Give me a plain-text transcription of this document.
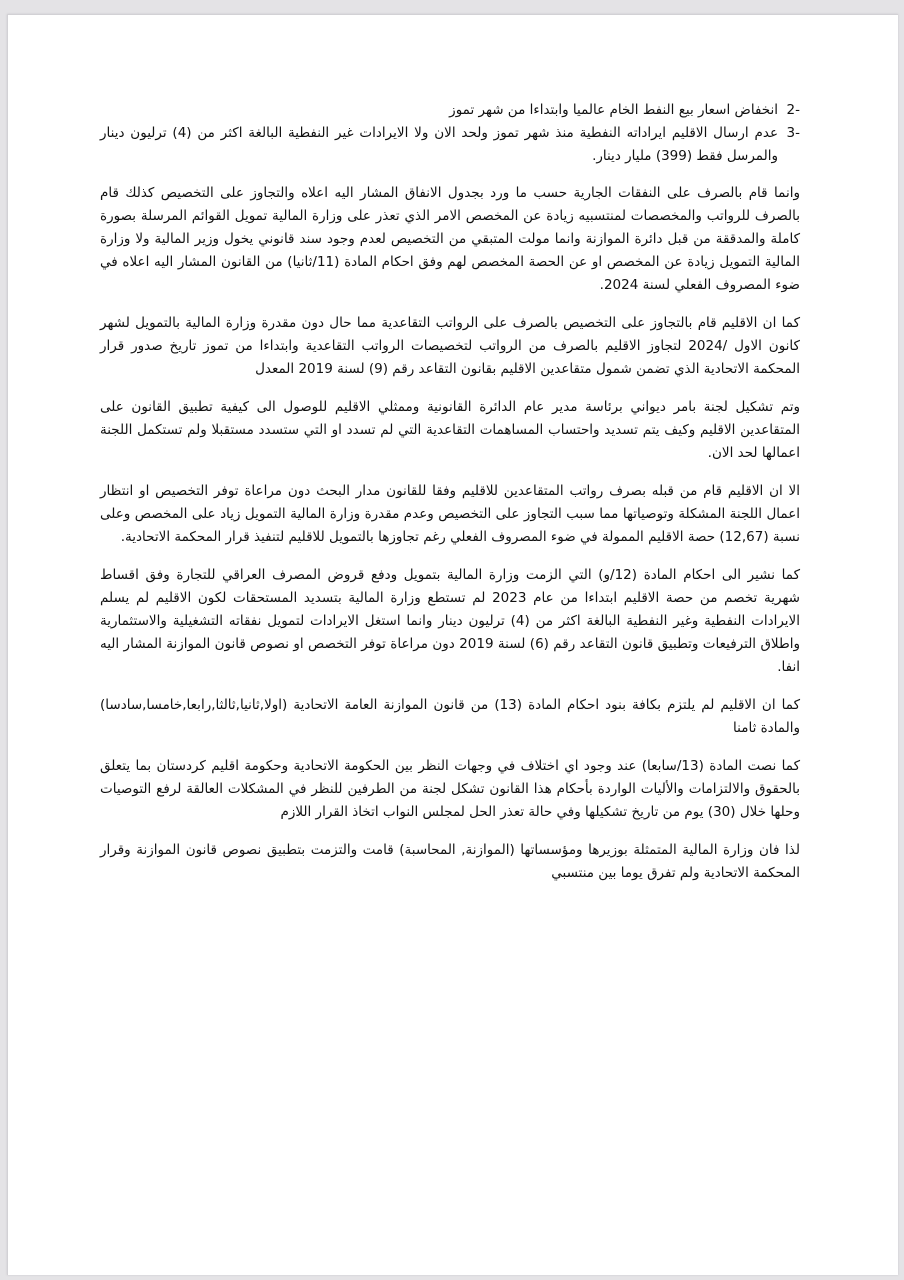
2-
انخفاض اسعار بيع النفط الخام عالميا وابتداءا من شهر تموز
3-
عدم ارسال الاقليم ايراداته النفطية منذ شهر تموز ولحد الان ولا الايرادات غير النفطية البالغة اكثر من (4) ترليون دينار والمرسل فقط (399) مليار دينار.

وانما قام بالصرف على النفقات الجارية حسب ما ورد بجدول الانفاق المشار اليه اعلاه والتجاوز على التخصيص كذلك قام بالصرف للرواتب والمخصصات لمنتسبيه زيادة عن المخصص الامر الذي تعذر على وزارة المالية تمويل القوائم المرسلة بصورة كاملة والمدققة من قبل دائرة الموازنة وانما مولت المتبقي من التخصيص لعدم وجود سند قانوني يخول وزير المالية ولا وزارة المالية التمويل زيادة عن المخصص او عن الحصة المخصص لهم وفق احكام المادة (11/ثانيا) من القانون المشار اليه اعلاه في ضوء المصروف الفعلي لسنة 2024.

كما ان الاقليم قام بالتجاوز على التخصيص بالصرف على الرواتب التقاعدية مما حال دون مقدرة وزارة المالية بالتمويل لشهر كانون الاول /2024 لتجاوز الاقليم بالصرف من الرواتب لتخصيصات الرواتب التقاعدية وابتداءا من تموز تاريخ صدور قرار المحكمة الاتحادية الذي تضمن شمول متقاعدين الاقليم بقانون التقاعد رقم (9) لسنة 2019 المعدل

وتم تشكيل لجنة بامر ديواني برئاسة مدير عام الدائرة القانونية وممثلي الاقليم للوصول الى كيفية تطبيق القانون على المتقاعدين الاقليم وكيف يتم تسديد واحتساب المساهمات التقاعدية التي لم تسدد او التي ستسدد مستقبلا ولم تستكمل اللجنة اعمالها لحد الان.

الا ان الاقليم قام من قبله بصرف رواتب المتقاعدين للاقليم وفقا للقانون مدار البحث دون مراعاة توفر التخصيص او انتظار اعمال اللجنة المشكلة وتوصياتها مما سبب التجاوز على التخصيص وعدم مقدرة وزارة المالية التمويل زياد على المخصص وعلى نسبة (12,67) حصة الاقليم الممولة في ضوء المصروف الفعلي رغم تجاوزها بالتمويل للاقليم لتنفيذ قرار المحكمة الاتحادية.

كما نشير الى احكام المادة (12/و) التي الزمت وزارة المالية بتمويل ودفع قروض المصرف العراقي للتجارة وفق اقساط شهرية تخصم من حصة الاقليم ابتداءا من عام 2023 لم تستطع وزارة المالية بتسديد المستحقات لكون الاقليم لم يسلم الايرادات النفطية وغير النفطية البالغة اكثر من (4) ترليون دينار وانما استغل الايرادات لتمويل نفقاته التشغيلية والاستثمارية واطلاق الترفيعات وتطبيق قانون التقاعد رقم (6) لسنة 2019 دون مراعاة توفر التخصص او نصوص قانون الموازنة المشار اليه انفا.

كما ان الاقليم لم يلتزم بكافة بنود احكام المادة (13) من قانون الموازنة العامة الاتحادية (اولا,ثانيا,ثالثا,رابعا,خامسا,سادسا) والمادة ثامنا

كما نصت المادة (13/سابعا) عند وجود اي اختلاف في وجهات النظر بين الحكومة الاتحادية وحكومة اقليم كردستان بما يتعلق بالحقوق والالتزامات والأليات الواردة بأحكام هذا القانون تشكل لجنة من الطرفين للنظر في المشكلات العالقة لرفع التوصيات وحلها خلال (30) يوم من تاريخ تشكيلها وفي حالة تعذر الحل لمجلس النواب اتخاذ القرار اللازم

لذا فان وزارة المالية المتمثلة بوزيرها ومؤسساتها (الموازنة, المحاسبة) قامت والتزمت بتطبيق نصوص قانون الموازنة وقرار المحكمة الاتحادية ولم تفرق يوما بين منتسبي
